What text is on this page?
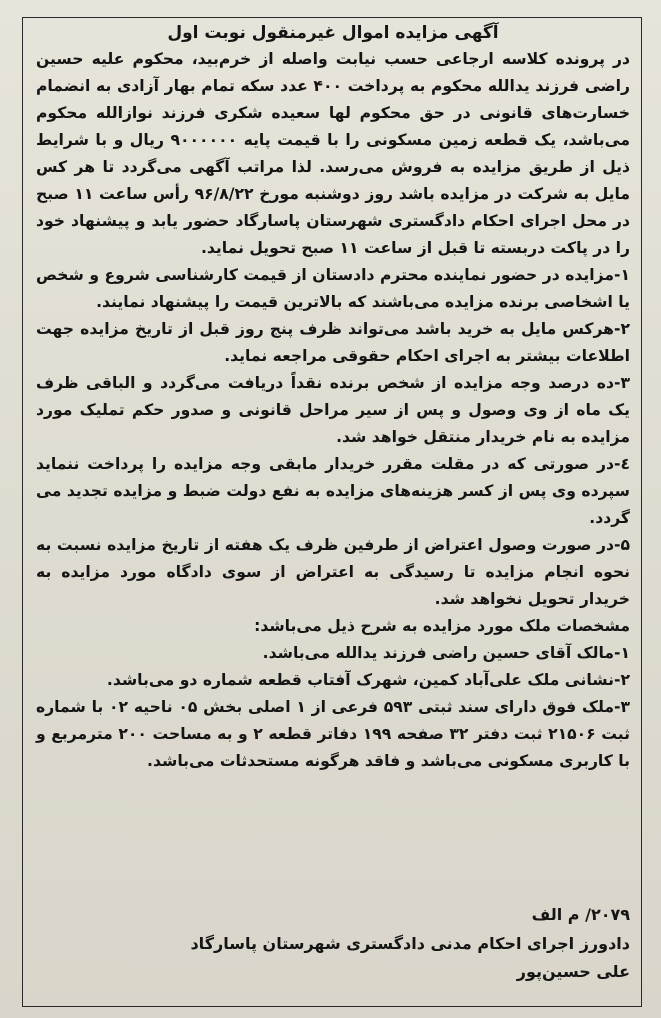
آگهی مزایده اموال غیرمنقول نوبت اول

در پرونده کلاسه ارجاعی حسب نیابت واصله از خرم‌بید، محکوم علیه حسین راضی فرزند یدالله محکوم به پرداخت ۴۰۰ عدد سکه تمام بهار آزادی به انضمام خسارت‌های قانونی در حق محکوم لها سعیده شکری فرزند نوازالله محکوم می‌باشد، یک قطعه زمین مسکونی را با قیمت پایه ۹۰۰۰۰۰۰ ریال و با شرایط ذیل از طریق مزایده به فروش می‌رسد. لذا مراتب آگهی می‌گردد تا هر کس مایل به شرکت در مزایده باشد روز دوشنبه مورخ ۹۶/۸/۲۲ رأس ساعت ۱۱ صبح در محل اجرای احکام دادگستری شهرستان پاسارگاد حضور یابد و پیشنهاد خود را در پاکت دربسته تا قبل از ساعت ۱۱ صبح تحویل نماید.

۱-مزایده در حضور نماینده محترم دادستان از قیمت کارشناسی شروع و شخص یا اشخاصی برنده مزایده می‌باشند که بالاترین قیمت را پیشنهاد نمایند.

۲-هرکس مایل به خرید باشد می‌تواند ظرف پنج روز قبل از تاریخ مزایده جهت اطلاعات بیشتر به اجرای احکام حقوقی مراجعه نماید.

۳-ده درصد وجه مزایده از شخص برنده نقداً دریافت می‌گردد و الباقی ظرف یک ماه از وی وصول و پس از سیر مراحل قانونی و صدور حکم تملیک مورد مزایده به نام خریدار منتقل خواهد شد.

٤-در صورتی که در مقلت مقرر خریدار مابقی وجه مزایده را پرداخت ننماید سپرده وی پس از کسر هزینه‌های مزایده به نفع دولت ضبط و مزایده تجدید می گردد.

۵-در صورت وصول اعتراض از طرفین ظرف یک هفته از تاریخ مزایده نسبت به نحوه انجام مزایده تا رسیدگی به اعتراض از سوی دادگاه مورد مزایده به خریدار تحویل نخواهد شد.

مشخصات ملک مورد مزایده به شرح ذیل می‌باشد:

۱-مالک آقای حسین راضی فرزند یدالله می‌باشد.

۲-نشانی ملک علی‌آباد کمین، شهرک آفتاب قطعه شماره دو می‌باشد.

۳-ملک فوق دارای سند ثبتی ۵۹۳ فرعی از ۱ اصلی بخش ۰۵ ناحیه ۰۲ با شماره ثبت ۲۱۵۰۶ ثبت دفتر ۳۲ صفحه ۱۹۹ دفاتر قطعه ۲ و به مساحت ۲۰۰ مترمربع و با کاربری مسکونی می‌باشد و فاقد هرگونه مستحدثات می‌باشد.

۲۰۷۹/ م الف
دادورز اجرای احکام مدنی دادگستری شهرستان پاسارگاد
علی حسین‌پور
